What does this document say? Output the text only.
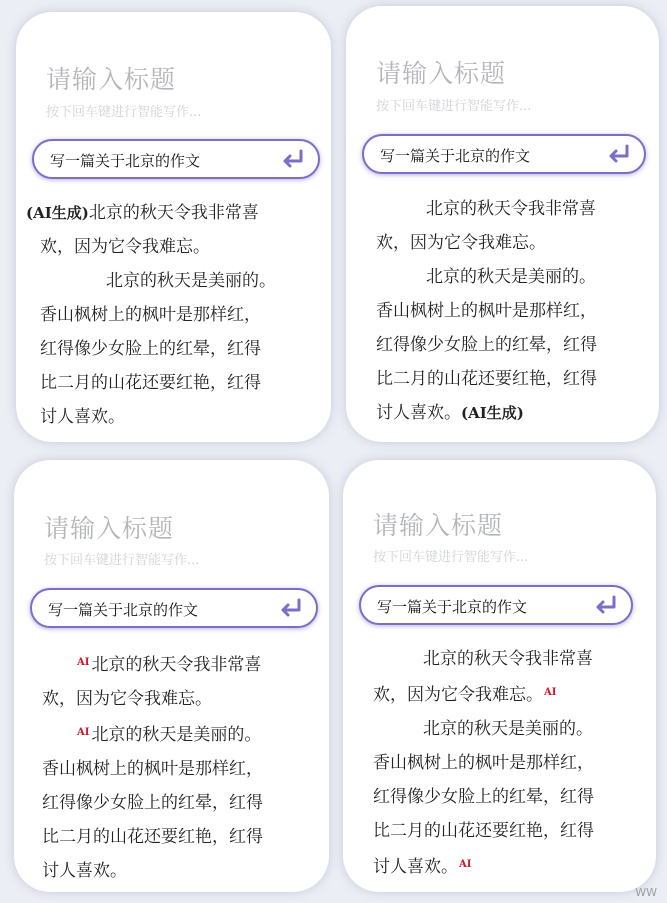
请输入标题
按下回车键进行智能写作...
写一篇关于北京的作文

(AI生成)北京的秋天令我非常喜

欢，因为它令我难忘。

北京的秋天是美丽的。

香山枫树上的枫叶是那样红，

红得像少女脸上的红晕，红得

比二月的山花还要红艳，红得

讨人喜欢。

请输入标题
按下回车键进行智能写作...
写一篇关于北京的作文

北京的秋天令我非常喜

欢，因为它令我难忘。

北京的秋天是美丽的。

香山枫树上的枫叶是那样红，

红得像少女脸上的红晕，红得

比二月的山花还要红艳，红得

讨人喜欢。(AI生成)

请输入标题
按下回车键进行智能写作...
写一篇关于北京的作文

$^{AI}$ 北京的秋天令我非常喜

欢，因为它令我难忘。

$^{AI}$ 北京的秋天是美丽的。

香山枫树上的枫叶是那样红，

红得像少女脸上的红晕，红得

比二月的山花还要红艳，红得

讨人喜欢。

请输入标题
按下回车键进行智能写作...
写一篇关于北京的作文

北京的秋天令我非常喜

欢，因为它令我难忘。$^{AI}$

北京的秋天是美丽的。

香山枫树上的枫叶是那样红，

红得像少女脸上的红晕，红得

比二月的山花还要红艳，红得

讨人喜欢。$^{AI}$

WW
